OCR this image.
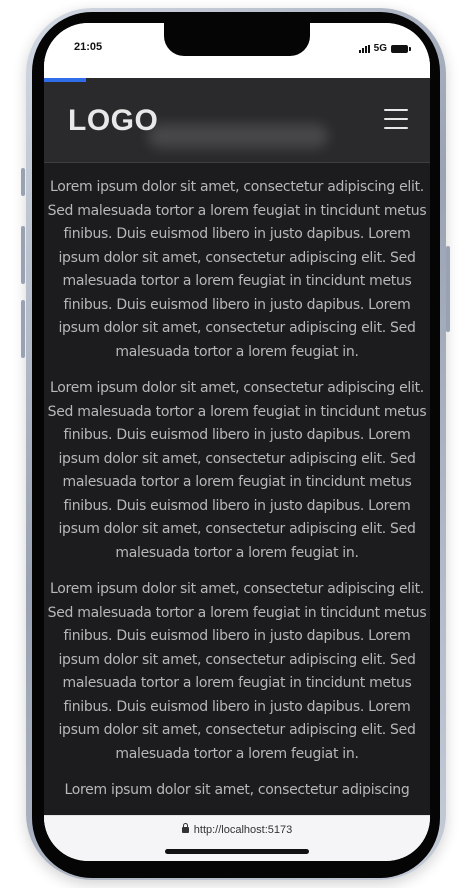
21:05	5G
LOGO

Lorem ipsum dolor sit amet, consectetur adipiscing elit. Sed malesuada tortor a lorem feugiat in tincidunt metus finibus. Duis euismod libero in justo dapibus. Lorem ipsum dolor sit amet, consectetur adipiscing elit. Sed malesuada tortor a lorem feugiat in tincidunt metus finibus. Duis euismod libero in justo dapibus. Lorem ipsum dolor sit amet, consectetur adipiscing elit. Sed malesuada tortor a lorem feugiat in.

Lorem ipsum dolor sit amet, consectetur adipiscing elit. Sed malesuada tortor a lorem feugiat in tincidunt metus finibus. Duis euismod libero in justo dapibus. Lorem ipsum dolor sit amet, consectetur adipiscing elit. Sed malesuada tortor a lorem feugiat in tincidunt metus finibus. Duis euismod libero in justo dapibus. Lorem ipsum dolor sit amet, consectetur adipiscing elit. Sed malesuada tortor a lorem feugiat in.

Lorem ipsum dolor sit amet, consectetur adipiscing elit. Sed malesuada tortor a lorem feugiat in tincidunt metus finibus. Duis euismod libero in justo dapibus. Lorem ipsum dolor sit amet, consectetur adipiscing elit. Sed malesuada tortor a lorem feugiat in tincidunt metus finibus. Duis euismod libero in justo dapibus. Lorem ipsum dolor sit amet, consectetur adipiscing elit. Sed malesuada tortor a lorem feugiat in.

Lorem ipsum dolor sit amet, consectetur adipiscing

http://localhost:5173
